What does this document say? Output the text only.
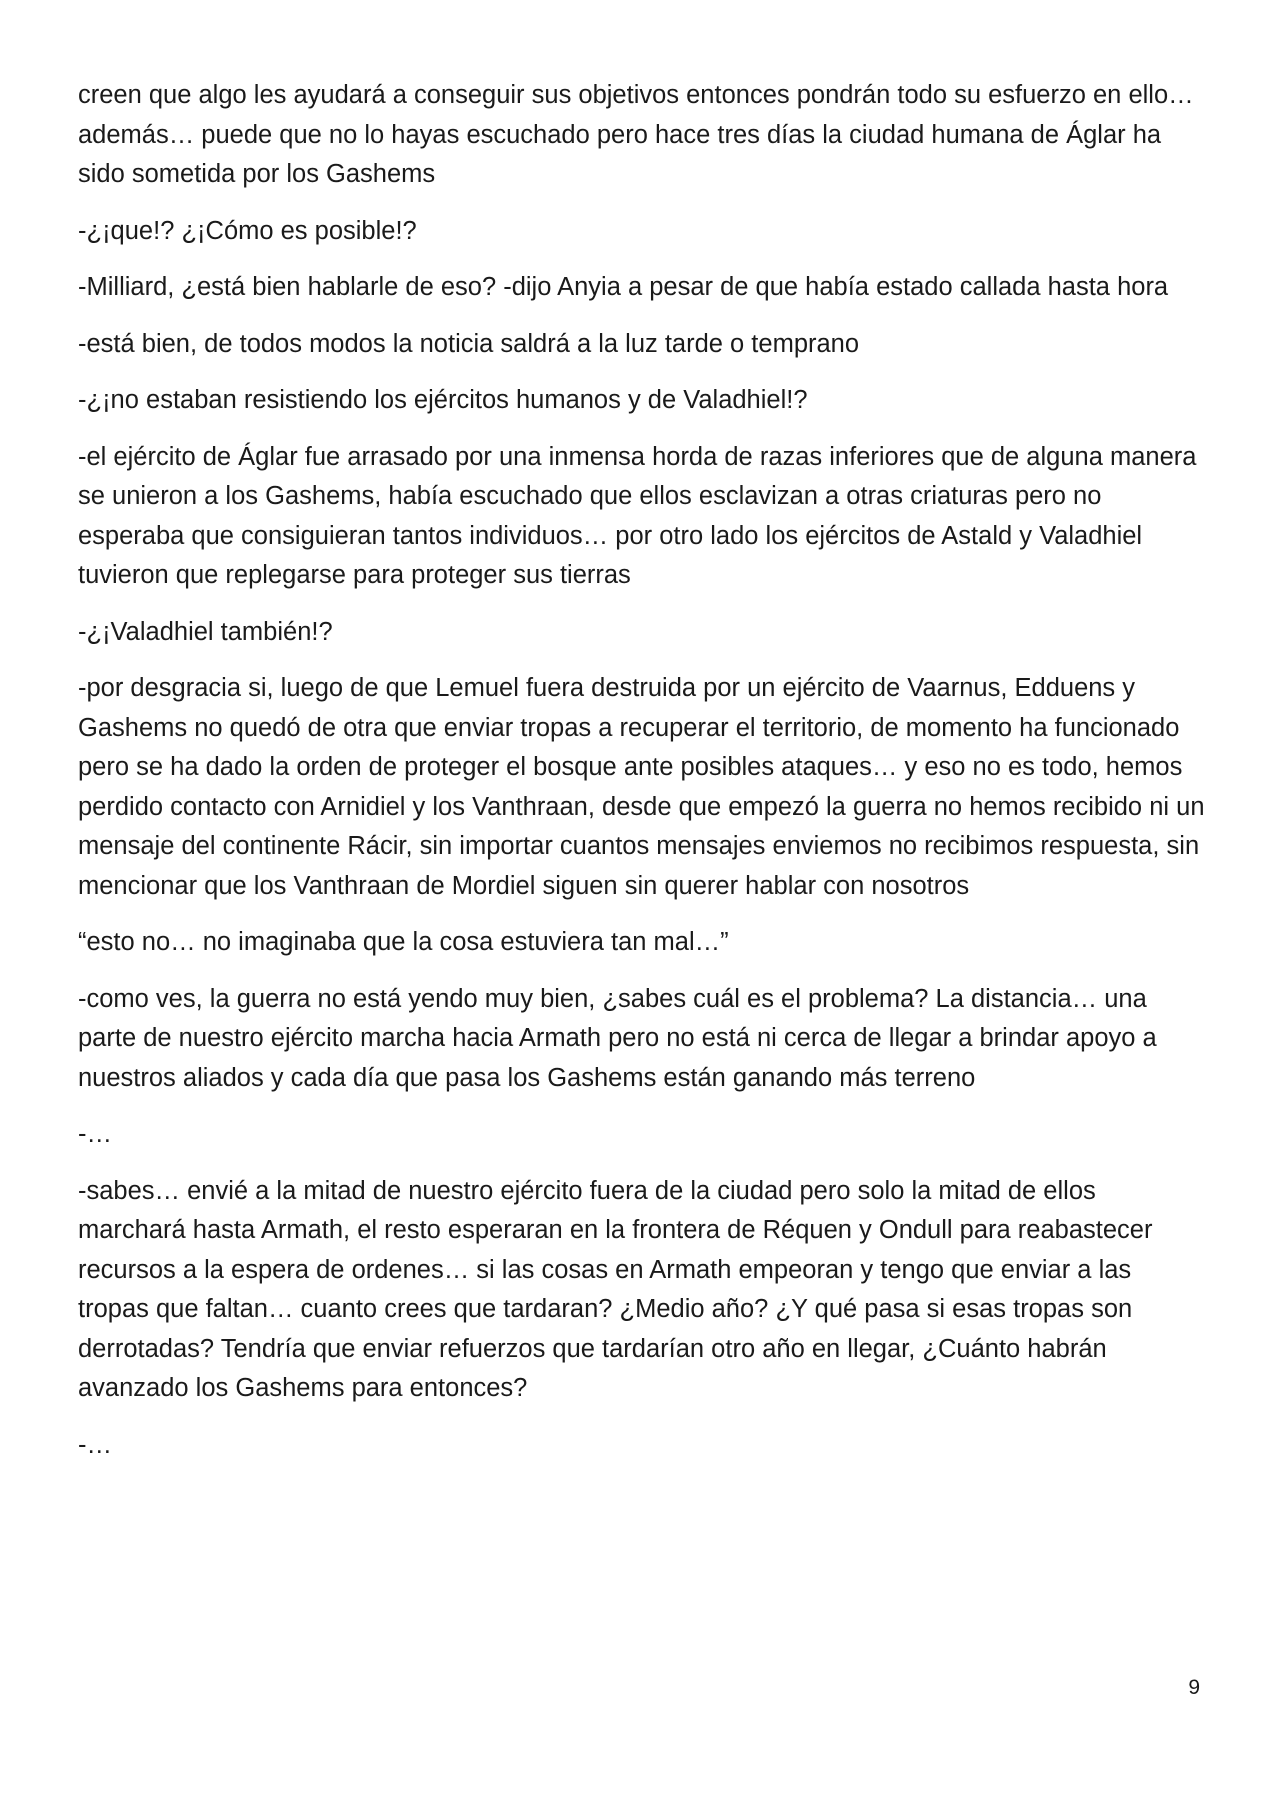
creen que algo les ayudará a conseguir sus objetivos entonces pondrán todo su esfuerzo en ello… además… puede que no lo hayas escuchado pero hace tres días la ciudad humana de Áglar ha sido sometida por los Gashems

-¿¡que!? ¿¡Cómo es posible!?

-Milliard, ¿está bien hablarle de eso? -dijo Anyia a pesar de que había estado callada hasta hora

-está bien, de todos modos la noticia saldrá a la luz tarde o temprano

-¿¡no estaban resistiendo los ejércitos humanos y de Valadhiel!?

-el ejército de Áglar fue arrasado por una inmensa horda de razas inferiores que de alguna manera se unieron a los Gashems, había escuchado que ellos esclavizan a otras criaturas pero no esperaba que consiguieran tantos individuos… por otro lado los ejércitos de Astald y Valadhiel tuvieron que replegarse para proteger sus tierras

-¿¡Valadhiel también!?

-por desgracia si, luego de que Lemuel fuera destruida por un ejército de Vaarnus, Edduens y Gashems no quedó de otra que enviar tropas a recuperar el territorio, de momento ha funcionado pero se ha dado la orden de proteger el bosque ante posibles ataques… y eso no es todo, hemos perdido contacto con Arnidiel y los Vanthraan, desde que empezó la guerra no hemos recibido ni un mensaje del continente Rácir, sin importar cuantos mensajes enviemos no recibimos respuesta, sin mencionar que los Vanthraan de Mordiel siguen sin querer hablar con nosotros

“esto no… no imaginaba que la cosa estuviera tan mal…”

-como ves, la guerra no está yendo muy bien, ¿sabes cuál es el problema? La distancia… una parte de nuestro ejército marcha hacia Armath pero no está ni cerca de llegar a brindar apoyo a nuestros aliados y cada día que pasa los Gashems están ganando más terreno

-…

-sabes… envié a la mitad de nuestro ejército fuera de la ciudad pero solo la mitad de ellos marchará hasta Armath, el resto esperaran en la frontera de Réquen y Ondull para reabastecer recursos a la espera de ordenes… si las cosas en Armath empeoran y tengo que enviar a las tropas que faltan… cuanto crees que tardaran? ¿Medio año? ¿Y qué pasa si esas tropas son derrotadas? Tendría que enviar refuerzos que tardarían otro año en llegar, ¿Cuánto habrán avanzado los Gashems para entonces?

-…

9
